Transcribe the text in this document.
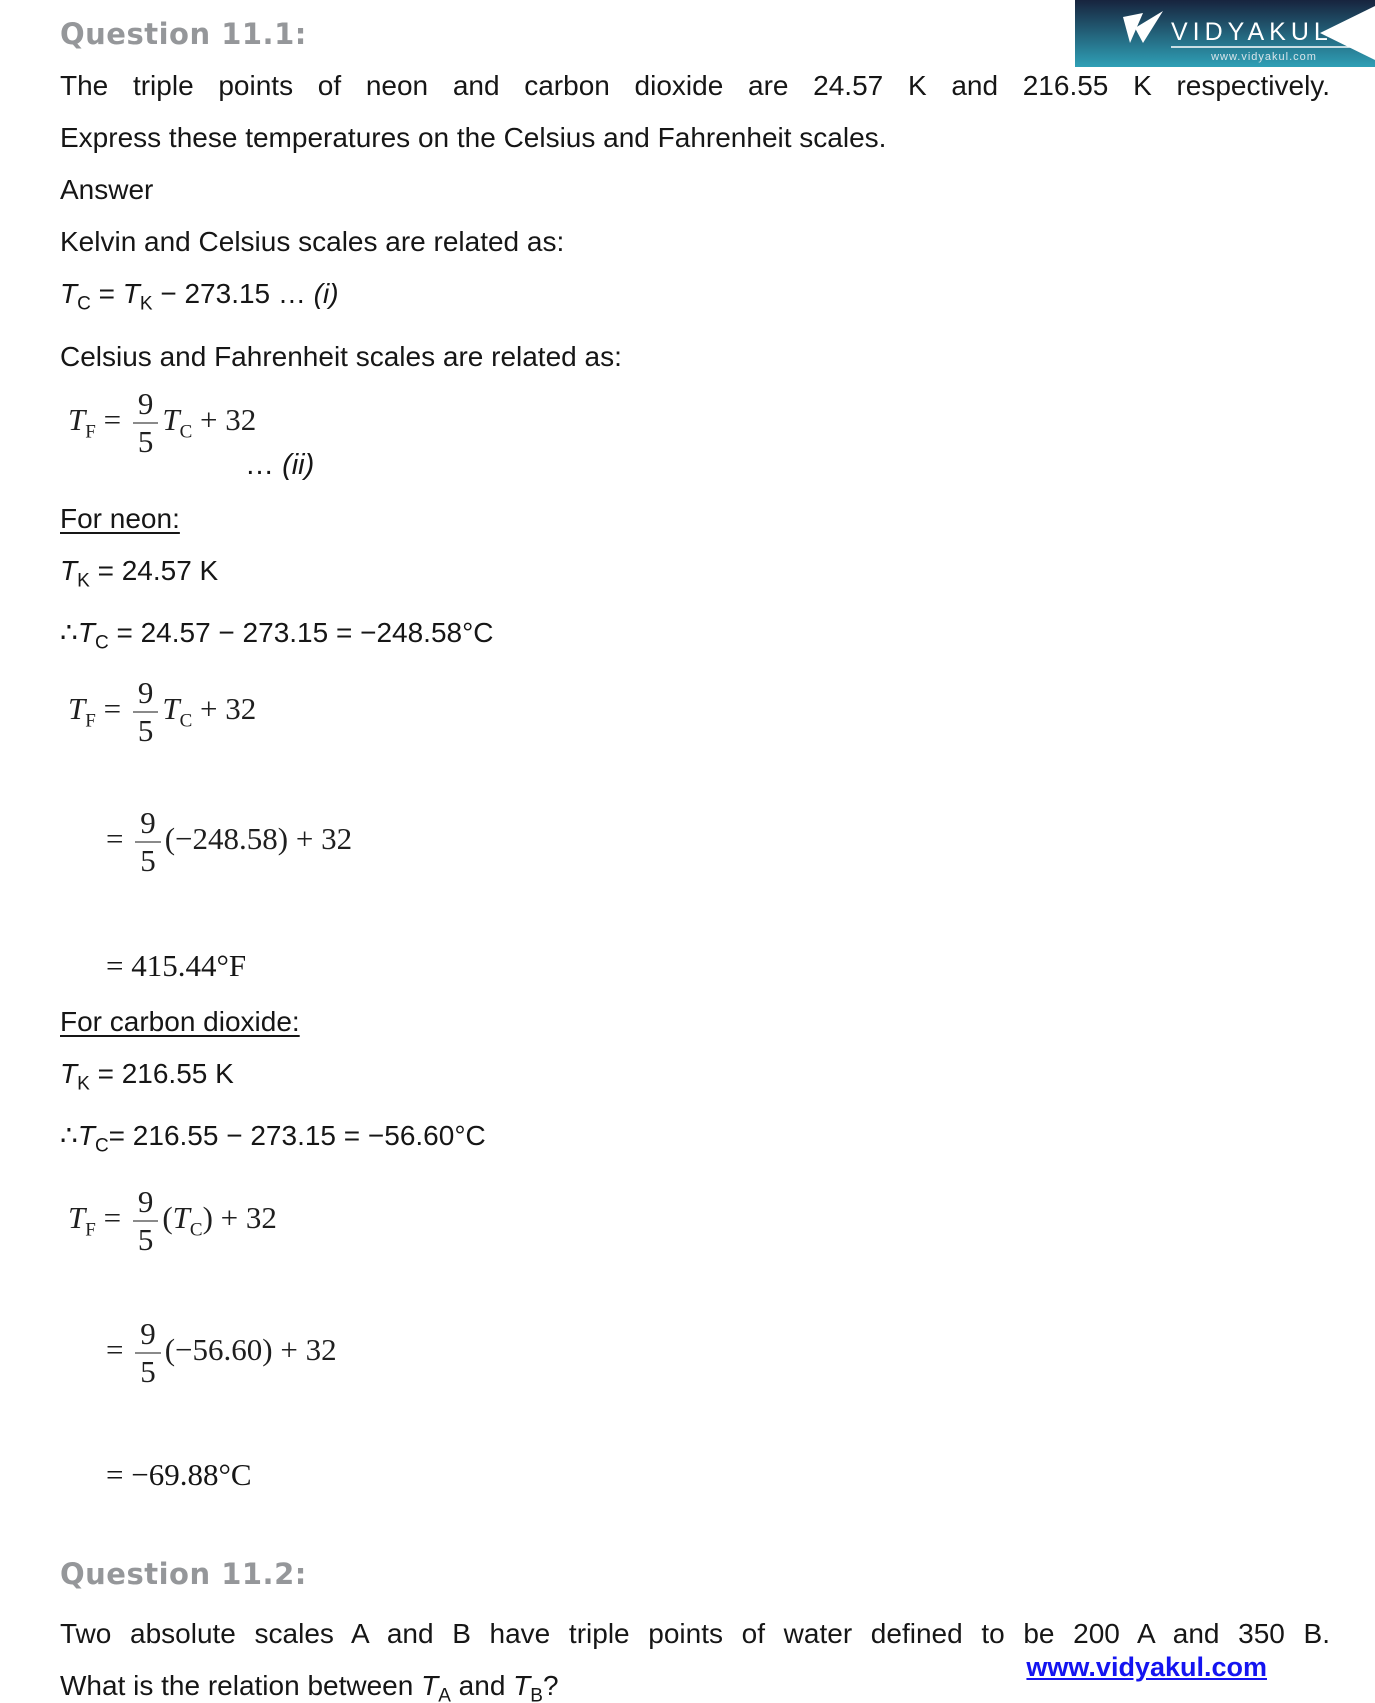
VIDYAKUL
www.vidyakul.com
Question 11.1:
The triple points of neon and carbon dioxide are 24.57 K and 216.55 K respectively.
Express these temperatures on the Celsius and Fahrenheit scales.
Answer
Kelvin and Celsius scales are related as:
$T_C = T_K - 273.15$ … (i)
Celsius and Fahrenheit scales are related as:
$T_F = \frac{9}{5} T_C + 32$
… (ii)
For neon:
$T_K = 24.57$ K
$\therefore T_C = 24.57 - 273.15 = -248.58^\circ C$
$T_F = \frac{9}{5} T_C + 32$
= $\frac{9}{5} (-248.58) + 32$
= 415.44°F
For carbon dioxide:
$T_K = 216.55$ K
$\therefore T_C= 216.55 - 273.15 = -56.60^\circ C$
$T_F = \frac{9}{5} (T_C) + 32$
= $\frac{9}{5} (-56.60) + 32$
= −69.88°C
Question 11.2:
Two absolute scales A and B have triple points of water defined to be 200 A and 350 B.
What is the relation between $T_A$ and $T_B$?
www.vidyakul.com
